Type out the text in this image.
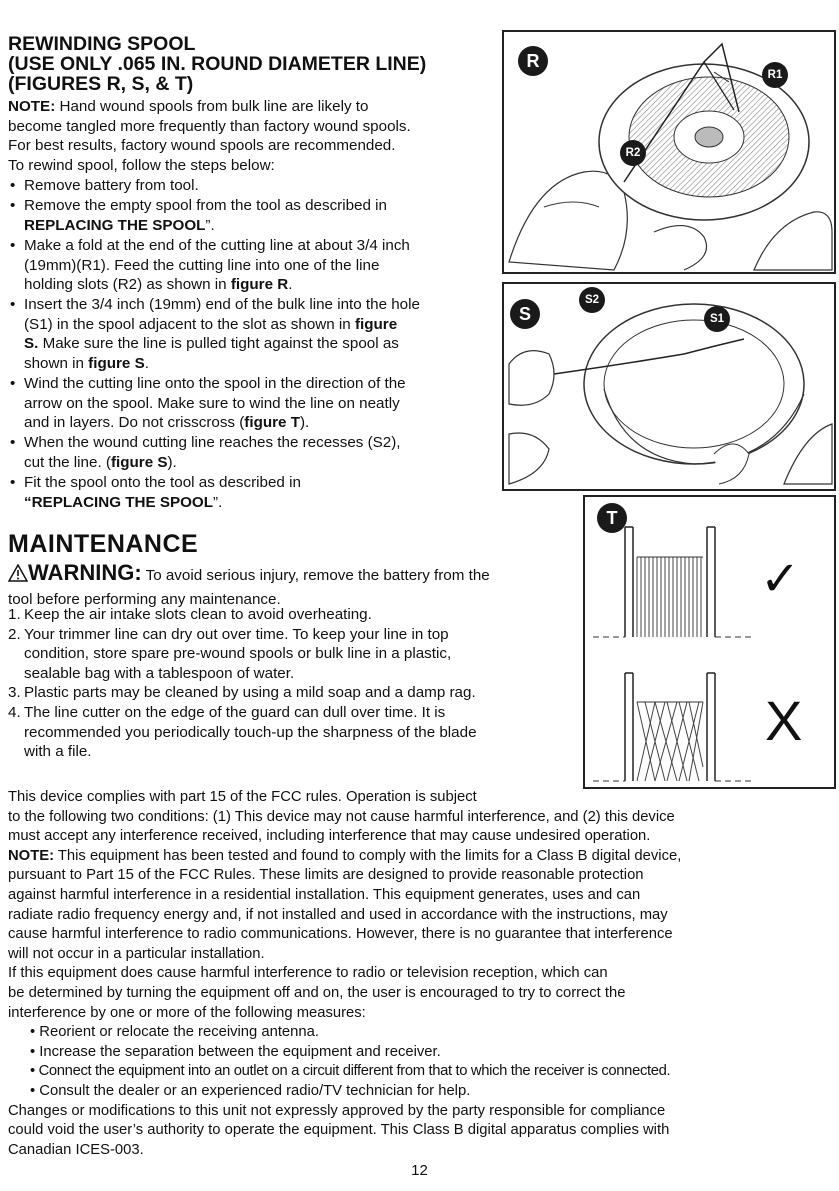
REWINDING SPOOL
(USE ONLY .065 IN. ROUND DIAMETER LINE)
(FIGURES R, S, & T)
NOTE: Hand wound spools from bulk line are likely to
become tangled more frequently than factory wound spools.
For best results, factory wound spools are recommended.
To rewind spool, follow the steps below:
• Remove battery from tool.
• Remove the empty spool from the tool as described in
REPLACING THE SPOOL”.
• Make a fold at the end of the cutting line at about 3/4 inch
(19mm)(R1). Feed the cutting line into one of the line
holding slots (R2) as shown in figure R.
• Insert the 3/4 inch (19mm) end of the bulk line into the hole
(S1) in the spool adjacent to the slot as shown in figure
S. Make sure the line is pulled tight against the spool as
shown in figure S.
• Wind the cutting line onto the spool in the direction of the
arrow on the spool. Make sure to wind the line on neatly
and in layers. Do not crisscross (figure T).
• When the wound cutting line reaches the recesses (S2),
cut the line. (figure S).
• Fit the spool onto the tool as described in
“REPLACING THE SPOOL”.
R
R1
R2
S	S1
S2
MAINTENANCE
WARNING: To avoid serious injury, remove the battery from the
tool before performing any maintenance.
1. Keep the air intake slots clean to avoid overheating.
2. Your trimmer line can dry out over time. To keep your line in top
condition, store spare pre-wound spools or bulk line in a plastic,
sealable bag with a tablespoon of water.
3. Plastic parts may be cleaned by using a mild soap and a damp rag.
4. The line cutter on the edge of the guard can dull over time. It is
recommended you periodically touch-up the sharpness of the blade
with a file.
T
✓
X
This device complies with part 15 of the FCC rules. Operation is subject
to the following two conditions: (1) This device may not cause harmful interference, and (2) this device
must accept any interference received, including interference that may cause undesired operation.
NOTE: This equipment has been tested and found to comply with the limits for a Class B digital device,
pursuant to Part 15 of the FCC Rules. These limits are designed to provide reasonable protection
against harmful interference in a residential installation. This equipment generates, uses and can
radiate radio frequency energy and, if not installed and used in accordance with the instructions, may
cause harmful interference to radio communications. However, there is no guarantee that interference
will not occur in a particular installation.
If this equipment does cause harmful interference to radio or television reception, which can
be determined by turning the equipment off and on, the user is encouraged to try to correct the
interference by one or more of the following measures:
• Reorient or relocate the receiving antenna.
• Increase the separation between the equipment and receiver.
• Connect the equipment into an outlet on a circuit different from that to which the receiver is connected.
• Consult the dealer or an experienced radio/TV technician for help.
Changes or modifications to this unit not expressly approved by the party responsible for compliance
could void the user’s authority to operate the equipment. This Class B digital apparatus complies with
Canadian ICES-003.
12
